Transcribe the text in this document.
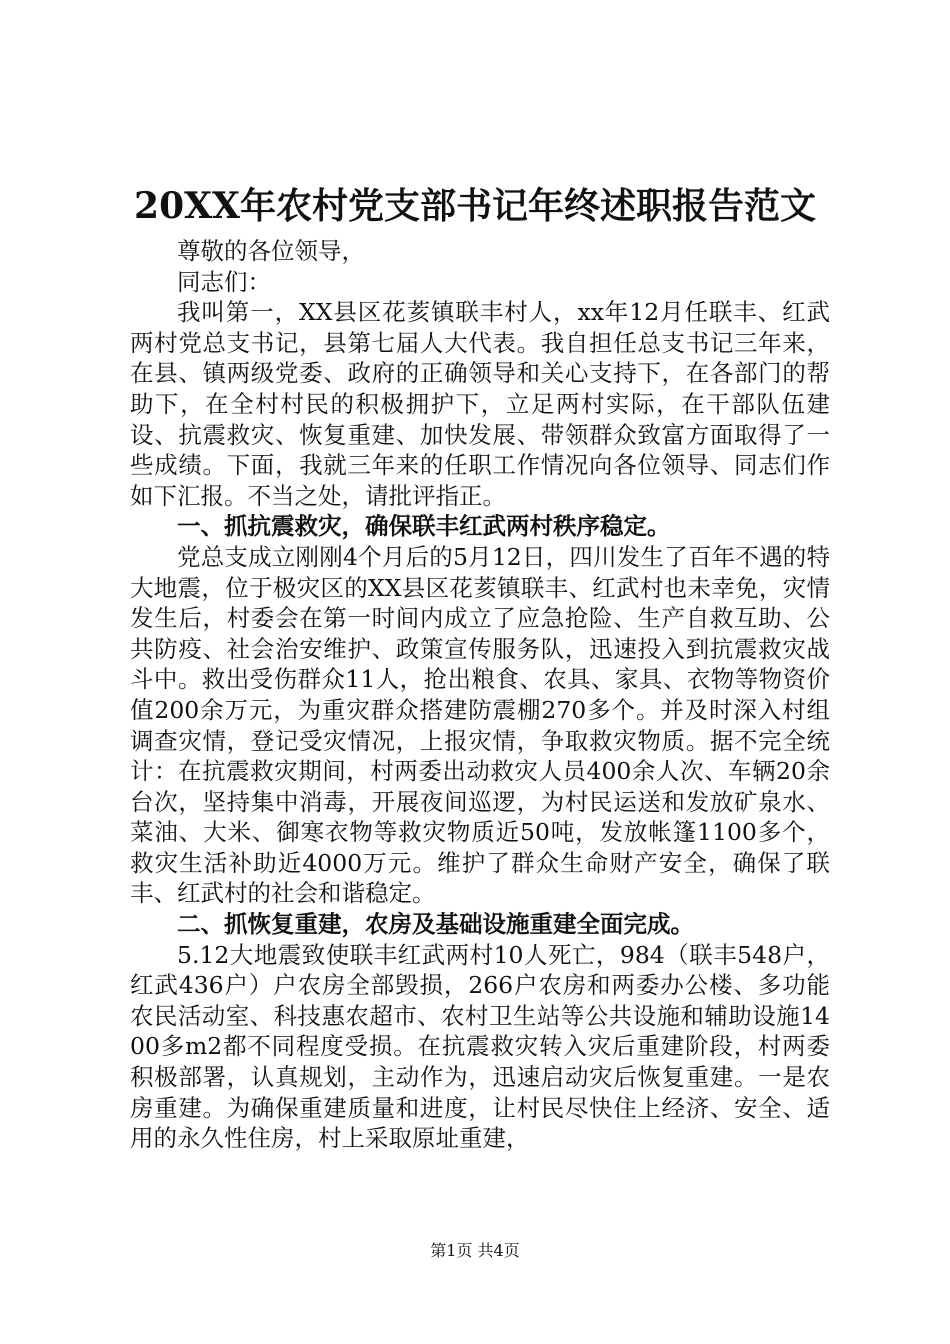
20XX年农村党支部书记年终述职报告范文

尊敬的各位领导，

同志们：

我叫第一，XX县区花荄镇联丰村人，xx年12月任联丰、红武两村党总支书记，县第七届人大代表。我自担任总支书记三年来，在县、镇两级党委、政府的正确领导和关心支持下，在各部门的帮助下，在全村村民的积极拥护下，立足两村实际，在干部队伍建设、抗震救灾、恢复重建、加快发展、带领群众致富方面取得了一些成绩。下面，我就三年来的任职工作情况向各位领导、同志们作如下汇报。不当之处，请批评指正。

一、抓抗震救灾，确保联丰红武两村秩序稳定。

党总支成立刚刚4个月后的5月12日，四川发生了百年不遇的特大地震，位于极灾区的XX县区花荄镇联丰、红武村也未幸免，灾情发生后，村委会在第一时间内成立了应急抢险、生产自救互助、公共防疫、社会治安维护、政策宣传服务队，迅速投入到抗震救灾战斗中。救出受伤群众11人，抢出粮食、农具、家具、衣物等物资价值200余万元，为重灾群众搭建防震棚270多个。并及时深入村组调查灾情，登记受灾情况，上报灾情，争取救灾物质。据不完全统计：在抗震救灾期间，村两委出动救灾人员400余人次、车辆20余台次，坚持集中消毒，开展夜间巡逻，为村民运送和发放矿泉水、菜油、大米、御寒衣物等救灾物质近50吨，发放帐篷1100多个，救灾生活补助近4000万元。维护了群众生命财产安全，确保了联丰、红武村的社会和谐稳定。

二、抓恢复重建，农房及基础设施重建全面完成。

5.12大地震致使联丰红武两村10人死亡，984（联丰548户，红武436户）户农房全部毁损，266户农房和两委办公楼、多功能农民活动室、科技惠农超市、农村卫生站等公共设施和辅助设施1400多m2都不同程度受损。在抗震救灾转入灾后重建阶段，村两委积极部署，认真规划，主动作为，迅速启动灾后恢复重建。一是农房重建。为确保重建质量和进度，让村民尽快住上经济、安全、适用的永久性住房，村上采取原址重建，

第1页 共4页
